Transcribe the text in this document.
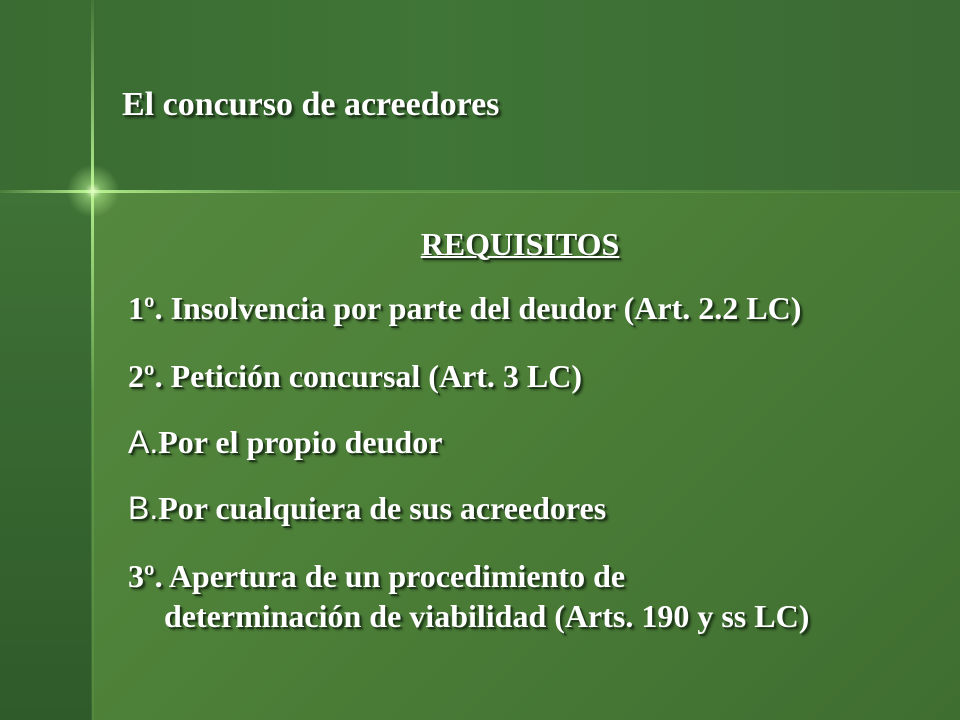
El concurso de acreedores
REQUISITOS
1º. Insolvencia por parte del deudor (Art. 2.2 LC)
2º. Petición concursal (Art. 3 LC)
A.Por el propio deudor
B.Por cualquiera de sus acreedores
3º. Apertura de un procedimiento de
determinación de viabilidad (Arts. 190 y ss LC)
